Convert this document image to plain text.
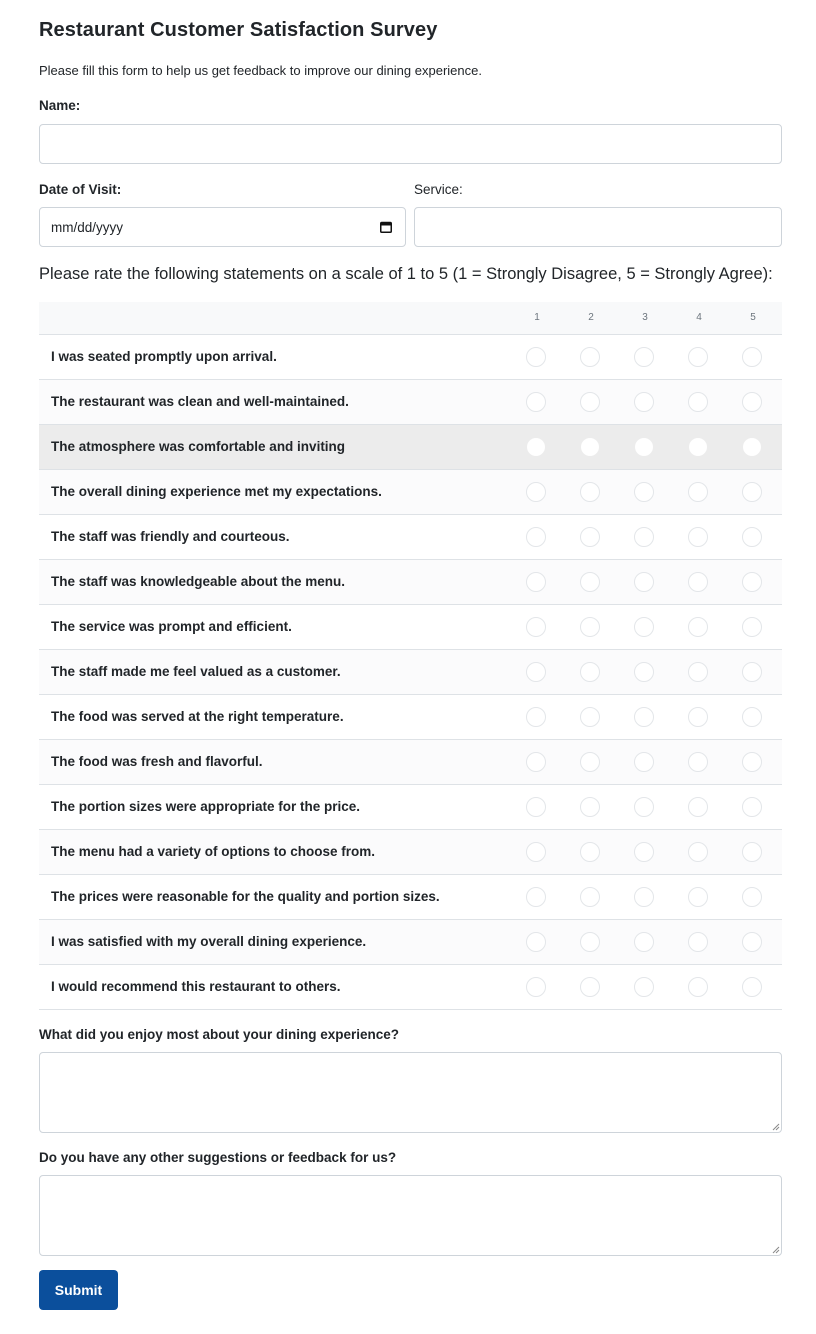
Restaurant Customer Satisfaction Survey
Please fill this form to help us get feedback to improve our dining experience.
Name:
Date of Visit:
mm/dd/yyyy
Service:
Please rate the following statements on a scale of 1 to 5 (1 = Strongly Disagree, 5 = Strongly Agree):
1	2	3	4	5
I was seated promptly upon arrival.
The restaurant was clean and well-maintained.
The atmosphere was comfortable and inviting
The overall dining experience met my expectations.
The staff was friendly and courteous.
The staff was knowledgeable about the menu.
The service was prompt and efficient.
The staff made me feel valued as a customer.
The food was served at the right temperature.
The food was fresh and flavorful.
The portion sizes were appropriate for the price.
The menu had a variety of options to choose from.
The prices were reasonable for the quality and portion sizes.
I was satisfied with my overall dining experience.
I would recommend this restaurant to others.
What did you enjoy most about your dining experience?
Do you have any other suggestions or feedback for us?
Submit
